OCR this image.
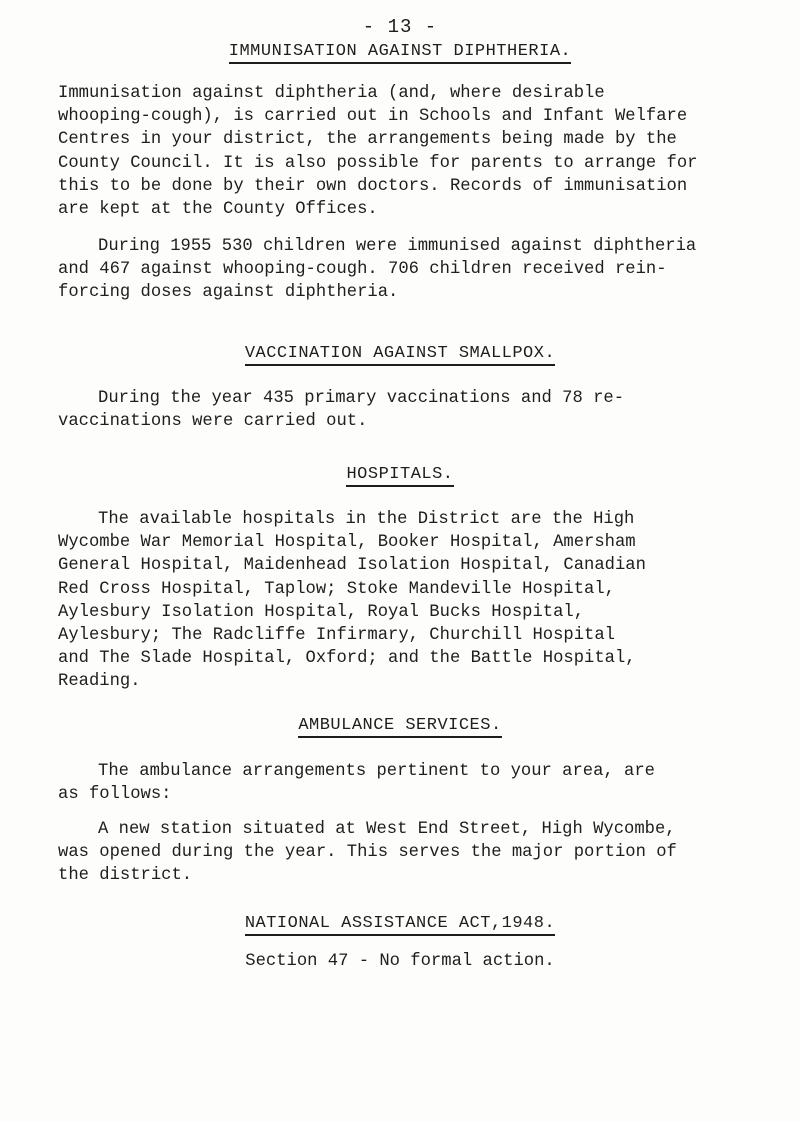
- 13 -
IMMUNISATION AGAINST DIPHTHERIA.
Immunisation against diphtheria (and, where desirable
whooping-cough), is carried out in Schools and Infant Welfare
Centres in your district, the arrangements being made by the
County Council. It is also possible for parents to arrange for
this to be done by their own doctors. Records of immunisation
are kept at the County Offices.
During 1955 530 children were immunised against diphtheria
and 467 against whooping-cough. 706 children received rein-
forcing doses against diphtheria.
VACCINATION AGAINST SMALLPOX.
During the year 435 primary vaccinations and 78 re-
vaccinations were carried out.
HOSPITALS.
The available hospitals in the District are the High
Wycombe War Memorial Hospital, Booker Hospital, Amersham
General Hospital, Maidenhead Isolation Hospital, Canadian
Red Cross Hospital, Taplow; Stoke Mandeville Hospital,
Aylesbury Isolation Hospital, Royal Bucks Hospital,
Aylesbury; The Radcliffe Infirmary, Churchill Hospital
and The Slade Hospital, Oxford; and the Battle Hospital,
Reading.
AMBULANCE SERVICES.
The ambulance arrangements pertinent to your area, are
as follows:
A new station situated at West End Street, High Wycombe,
was opened during the year. This serves the major portion of
the district.
NATIONAL ASSISTANCE ACT,1948.
Section 47 - No formal action.
